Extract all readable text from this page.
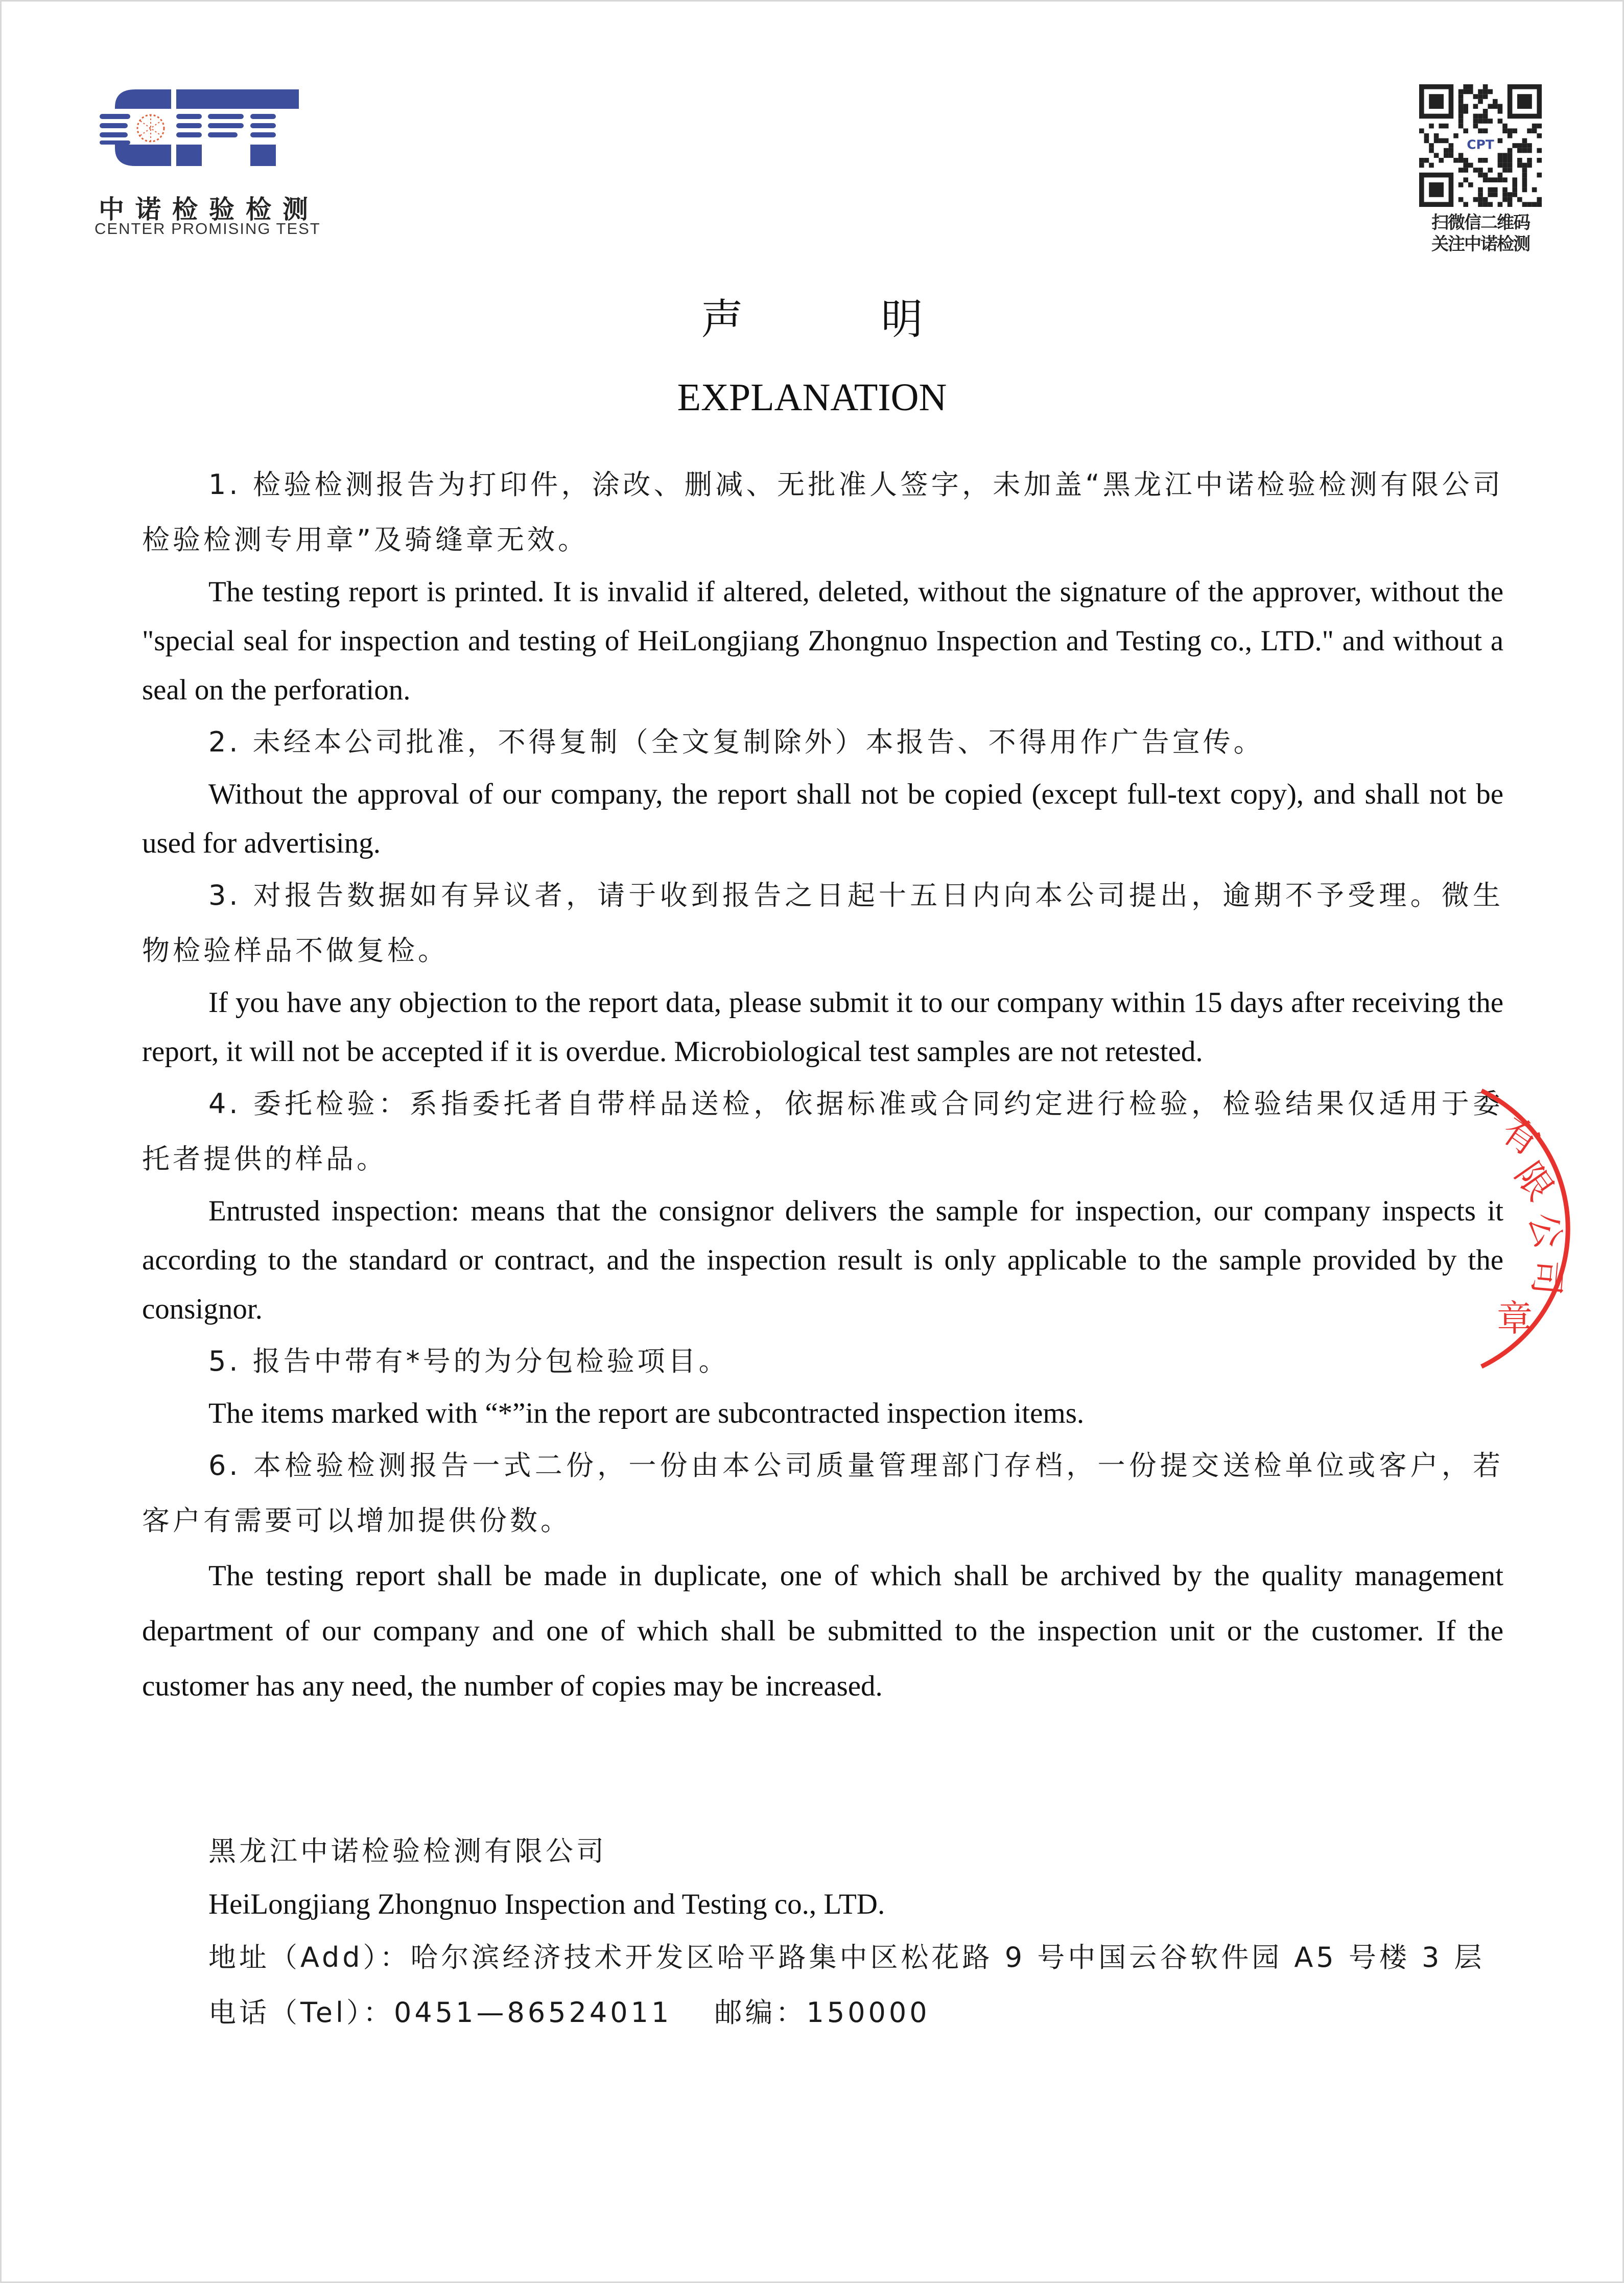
中诺检验检测
CENTER PROMISING TEST
CPT
扫微信二维码
关注中诺检测
声	明
EXPLANATION

1. 检验检测报告为打印件，涂改、删减、无批准人签字，未加盖“黑龙江中诺检验检测有限公司检验检测专用章”及骑缝章无效。

The testing report is printed. It is invalid if altered, deleted, without the signature of the approver, without the "special seal for inspection and testing of HeiLongjiang Zhongnuo Inspection and Testing co., LTD." and without a seal on the perforation.

2. 未经本公司批准，不得复制（全文复制除外）本报告、不得用作广告宣传。

Without the approval of our company, the report shall not be copied (except full-text copy), and shall not be used for advertising.

3. 对报告数据如有异议者，请于收到报告之日起十五日内向本公司提出，逾期不予受理。微生物检验样品不做复检。

If you have any objection to the report data, please submit it to our company within 15 days after receiving the report, it will not be accepted if it is overdue. Microbiological test samples are not retested.

4. 委托检验：系指委托者自带样品送检，依据标准或合同约定进行检验，检验结果仅适用于委托者提供的样品。

Entrusted inspection: means that the consignor delivers the sample for inspection, our company inspects it according to the standard or contract, and the inspection result is only applicable to the sample provided by the consignor.

5. 报告中带有*号的为分包检验项目。

The items marked with “*”in the report are subcontracted inspection items.

6. 本检验检测报告一式二份，一份由本公司质量管理部门存档，一份提交送检单位或客户，若客户有需要可以增加提供份数。

The testing report shall be made in duplicate, one of which shall be archived by the quality management department of our company and one of which shall be submitted to the inspection unit or the customer. If the customer has any need, the number of copies may be increased.

黑龙江中诺检验检测有限公司

HeiLongjiang Zhongnuo Inspection and Testing co., LTD.

地址（Add）：哈尔滨经济技术开发区哈平路集中区松花路 9 号中国云谷软件园 A5 号楼 3 层

电话（Tel）：0451—86524011　 邮编：150000

有
限
公
司
章
